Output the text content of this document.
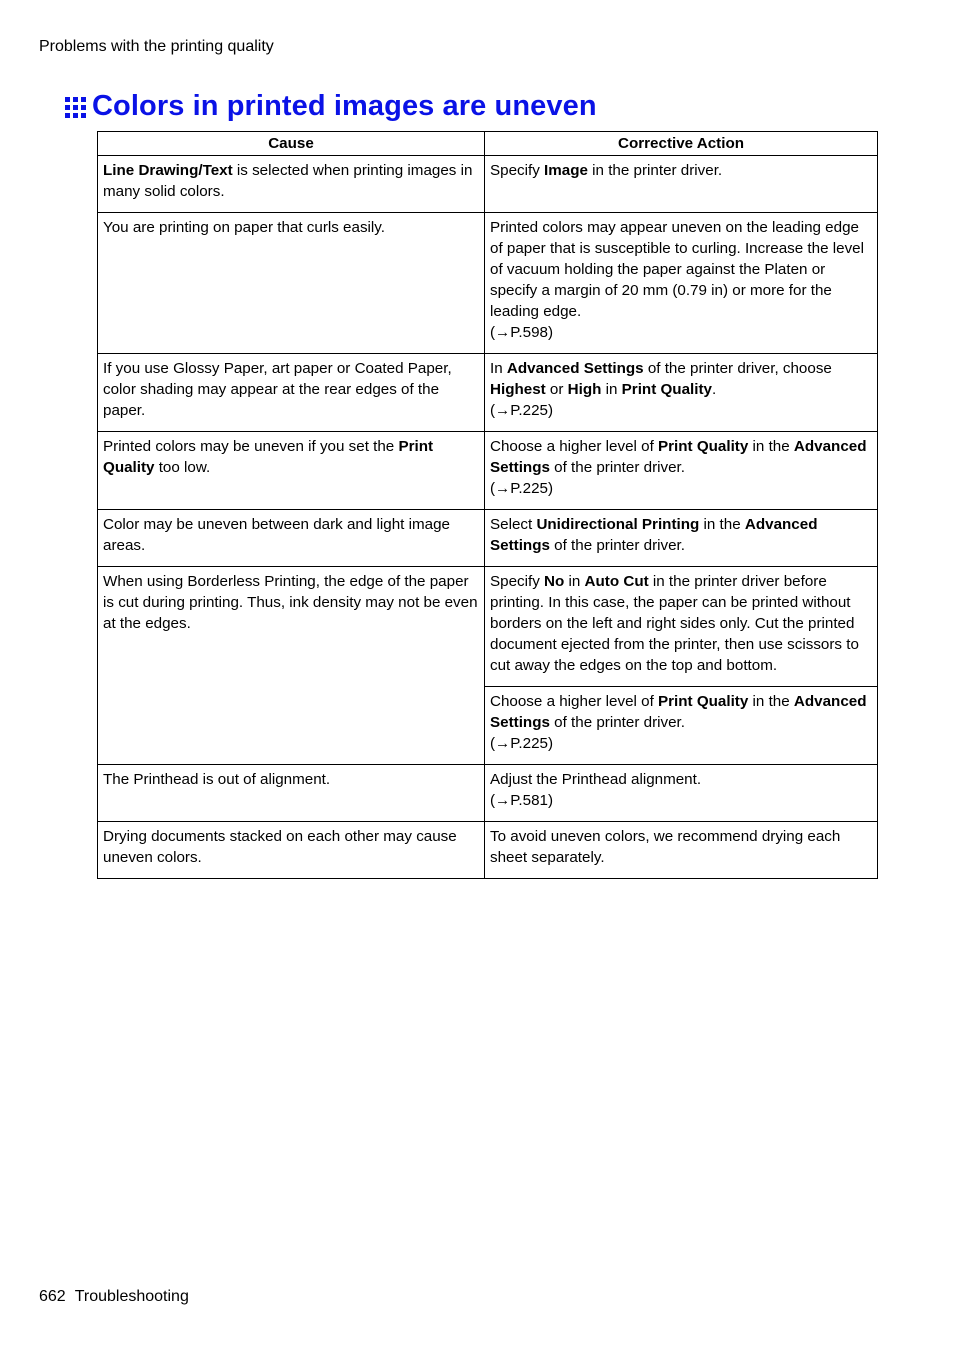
Problems with the printing quality
Colors in printed images are uneven
Cause	Corrective Action
Line Drawing/Text is selected when printing images in many solid colors.	Specify Image in the printer driver.
You are printing on paper that curls easily.	Printed colors may appear uneven on the leading edge of paper that is susceptible to curling. Increase the level of vacuum holding the paper against the Platen or specify a margin of 20 mm (0.79 in) or more for the leading edge.
(→P.598)
If you use Glossy Paper, art paper or Coated Paper, color shading may appear at the rear edges of the paper.	In Advanced Settings of the printer driver, choose Highest or High in Print Quality.
(→P.225)
Printed colors may be uneven if you set the Print Quality too low.	Choose a higher level of Print Quality in the Advanced Settings of the printer driver.
(→P.225)
Color may be uneven between dark and light image areas.	Select Unidirectional Printing in the Advanced Settings of the printer driver.
When using Borderless Printing, the edge of the paper is cut during printing. Thus, ink density may not be even at the edges.	Specify No in Auto Cut in the printer driver before printing. In this case, the paper can be printed without borders on the left and right sides only. Cut the printed document ejected from the printer, then use scissors to cut away the edges on the top and bottom.
	Choose a higher level of Print Quality in the Advanced Settings of the printer driver.
(→P.225)
The Printhead is out of alignment.	Adjust the Printhead alignment.
(→P.581)
Drying documents stacked on each other may cause uneven colors.	To avoid uneven colors, we recommend drying each sheet separately.
662 Troubleshooting
